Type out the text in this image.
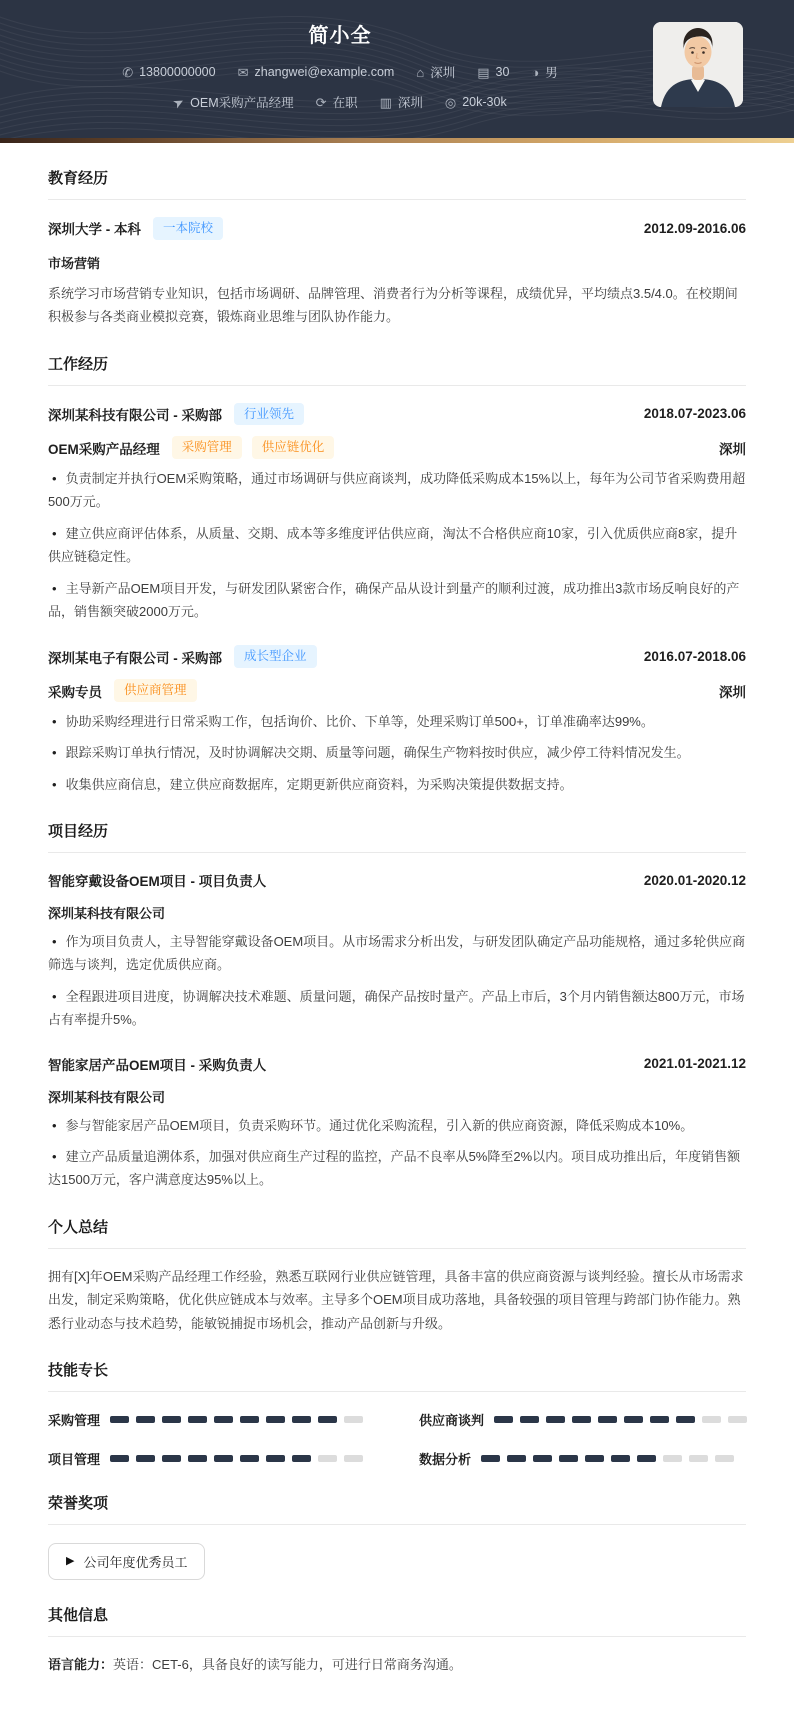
简小全
✆ 13800000000 ✉ zhangwei@example.com ⌂ 深圳 ▤ 30 ◑ 男
➤ OEM采购产品经理 ⟳ 在职 ▥ 深圳 ◎ 20k-30k
教育经历
深圳大学 - 本科	一本院校	2012.09-2016.06
市场营销

系统学习市场营销专业知识，包括市场调研、品牌管理、消费者行为分析等课程，成绩优异，平均绩点3.5/4.0。在校期间积极参与各类商业模拟竞赛，锻炼商业思维与团队协作能力。

工作经历
深圳某科技有限公司 - 采购部	行业领先	2018.07-2023.06
OEM采购产品经理	采购管理	供应链优化	深圳

• 负责制定并执行OEM采购策略，通过市场调研与供应商谈判，成功降低采购成本15%以上，每年为公司节省采购费用超500万元。

• 建立供应商评估体系，从质量、交期、成本等多维度评估供应商，淘汰不合格供应商10家，引入优质供应商8家，提升供应链稳定性。

• 主导新产品OEM项目开发，与研发团队紧密合作，确保产品从设计到量产的顺利过渡，成功推出3款市场反响良好的产品，销售额突破2000万元。

深圳某电子有限公司 - 采购部	成长型企业	2016.07-2018.06
采购专员	供应商管理	深圳

• 协助采购经理进行日常采购工作，包括询价、比价、下单等，处理采购订单500+，订单准确率达99%。

• 跟踪采购订单执行情况，及时协调解决交期、质量等问题，确保生产物料按时供应，减少停工待料情况发生。

• 收集供应商信息，建立供应商数据库，定期更新供应商资料，为采购决策提供数据支持。

项目经历
智能穿戴设备OEM项目 - 项目负责人	2020.01-2020.12
深圳某科技有限公司

• 作为项目负责人，主导智能穿戴设备OEM项目。从市场需求分析出发，与研发团队确定产品功能规格，通过多轮供应商筛选与谈判，选定优质供应商。

• 全程跟进项目进度，协调解决技术难题、质量问题，确保产品按时量产。产品上市后，3个月内销售额达800万元，市场占有率提升5%。

智能家居产品OEM项目 - 采购负责人	2021.01-2021.12
深圳某科技有限公司

• 参与智能家居产品OEM项目，负责采购环节。通过优化采购流程，引入新的供应商资源，降低采购成本10%。

• 建立产品质量追溯体系，加强对供应商生产过程的监控，产品不良率从5%降至2%以内。项目成功推出后，年度销售额达1500万元，客户满意度达95%以上。

个人总结

拥有[X]年OEM采购产品经理工作经验，熟悉互联网行业供应链管理，具备丰富的供应商资源与谈判经验。擅长从市场需求出发，制定采购策略，优化供应链成本与效率。主导多个OEM项目成功落地，具备较强的项目管理与跨部门协作能力。熟悉行业动态与技术趋势，能敏锐捕捉市场机会，推动产品创新与升级。

技能专长
采购管理	供应商谈判
项目管理	数据分析
荣誉奖项
▶ 公司年度优秀员工
其他信息

语言能力：英语：CET-6，具备良好的读写能力，可进行日常商务沟通。
